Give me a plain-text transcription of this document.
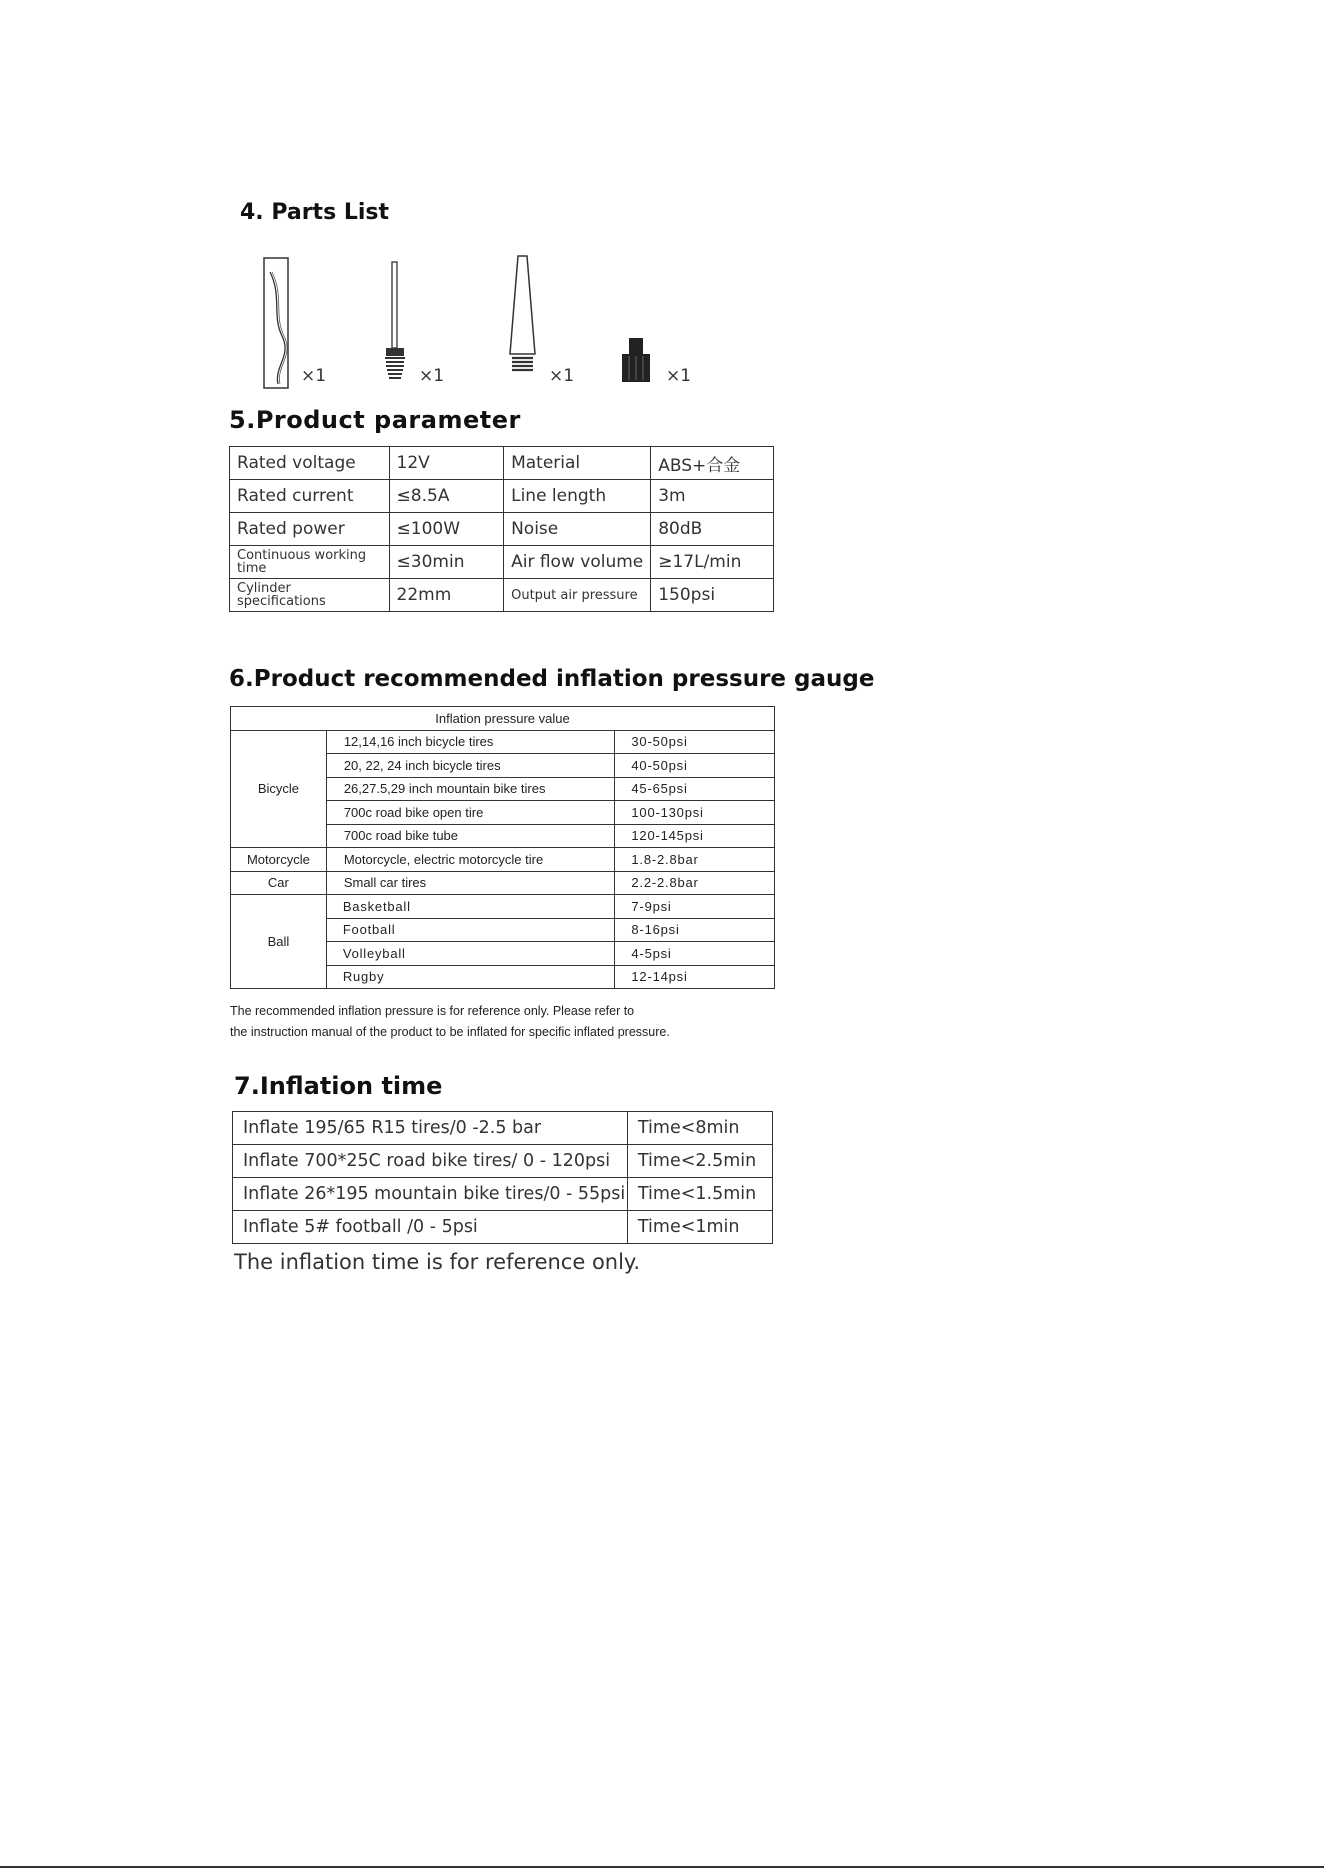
4. Parts List
×1	×1	×1	×1
5.Product parameter
Rated voltage	12V	Material	ABS+合金
Rated current	≤8.5A	Line length	3m
Rated power	≤100W	Noise	80dB
Continuous working time	≤30min	Air flow volume	≥17L/min
Cylinder specifications	22mm	Output air pressure	150psi
6.Product recommended inflation pressure gauge
Inflation pressure value		
Bicycle	12,14,16 inch bicycle tires	30-50psi
	20, 22, 24 inch bicycle tires	40-50psi
	26,27.5,29 inch mountain bike tires	45-65psi
	700c road bike open tire	100-130psi
	700c road bike tube	120-145psi
Motorcycle	Motorcycle, electric motorcycle tire	1.8-2.8bar
Car	Small car tires	2.2-2.8bar
Ball	Basketball	7-9psi
	Football	8-16psi
	Volleyball	4-5psi
	Rugby	12-14psi
The recommended inflation pressure is for reference only. Please refer to
the instruction manual of the product to be inflated for specific inflated pressure.
7.Inflation time
Inflate 195/65 R15 tires/0 -2.5 bar	Time<8min
Inflate 700*25C road bike tires/ 0 - 120psi	Time<2.5min
Inflate 26*195 mountain bike tires/0 - 55psi	Time<1.5min
Inflate 5# football /0 - 5psi	Time<1min
The inflation time is for reference only.
